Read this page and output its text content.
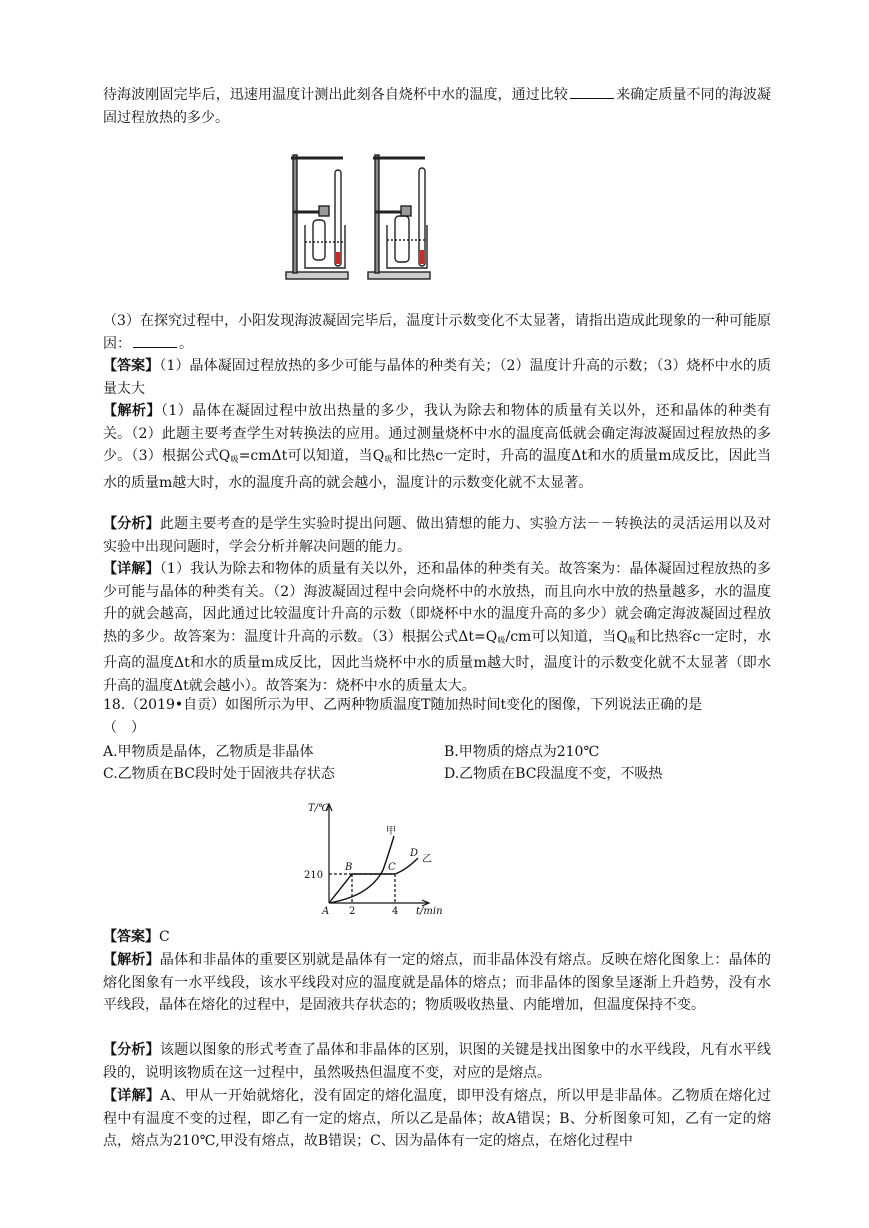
待海波刚固完毕后，迅速用温度计测出此刻各自烧杯中水的温度，通过比较	来确定质量不同的海波凝固过程放热的多少。

（3）在探究过程中，小阳发现海波凝固完毕后，温度计示数变化不太显著，请指出造成此现象的一种可能原因：	。

【答案】（1）晶体凝固过程放热的多少可能与晶体的种类有关；（2）温度计升高的示数；（3）烧杯中水的质量太大

【解析】（1）晶体在凝固过程中放出热量的多少，我认为除去和物体的质量有关以外，还和晶体的种类有关。（2）此题主要考查学生对转换法的应用。通过测量烧杯中水的温度高低就会确定海波凝固过程放热的多少。（3）根据公式$Q_吸=cm\Delta t$可以知道，当$Q_吸$和比热c一定时，升高的温度Δt和水的质量m成反比，因此当水的质量m越大时，水的温度升高的就会越小，温度计的示数变化就不太显著。

【分析】此题主要考查的是学生实验时提出问题、做出猜想的能力、实验方法－－转换法的灵活运用以及对实验中出现问题时，学会分析并解决问题的能力。

【详解】（1）我认为除去和物体的质量有关以外，还和晶体的种类有关。故答案为：晶体凝固过程放热的多少可能与晶体的种类有关。（2）海波凝固过程中会向烧杯中的水放热，而且向水中放的热量越多，水的温度升的就会越高，因此通过比较温度计升高的示数（即烧杯中水的温度升高的多少）就会确定海波凝固过程放热的多少。故答案为：温度计升高的示数。（3）根据公式$\Delta t=Q_吸/cm$可以知道，当$Q_吸$和比热容c一定时，水升高的温度Δt和水的质量m成反比，因此当烧杯中水的质量m越大时，温度计的示数变化就不太显著（即水升高的温度Δt就会越小）。故答案为：烧杯中水的质量太大。

18.（2019•自贡）如图所示为甲、乙两种物质温度T随加热时间t变化的图像，下列说法正确的是
（　）

A.甲物质是晶体，乙物质是非晶体	B.甲物质的熔点为210℃
C.乙物质在BC段时处于固液共存状态	D.乙物质在BC段温度不变，不吸热
T/℃
210
2	4 t/min
A
B	C
D
甲
乙

【答案】C

【解析】晶体和非晶体的重要区别就是晶体有一定的熔点，而非晶体没有熔点。反映在熔化图象上：晶体的熔化图象有一水平线段，该水平线段对应的温度就是晶体的熔点；而非晶体的图象呈逐渐上升趋势，没有水平线段，晶体在熔化的过程中，是固液共存状态的；物质吸收热量、内能增加，但温度保持不变。

【分析】该题以图象的形式考查了晶体和非晶体的区别，识图的关键是找出图象中的水平线段，凡有水平线段的，说明该物质在这一过程中，虽然吸热但温度不变，对应的是熔点。

【详解】A、甲从一开始就熔化，没有固定的熔化温度，即甲没有熔点，所以甲是非晶体。乙物质在熔化过程中有温度不变的过程，即乙有一定的熔点，所以乙是晶体；故A错误；B、分析图象可知，乙有一定的熔点，熔点为210℃,甲没有熔点，故B错误；C、因为晶体有一定的熔点，在熔化过程中
